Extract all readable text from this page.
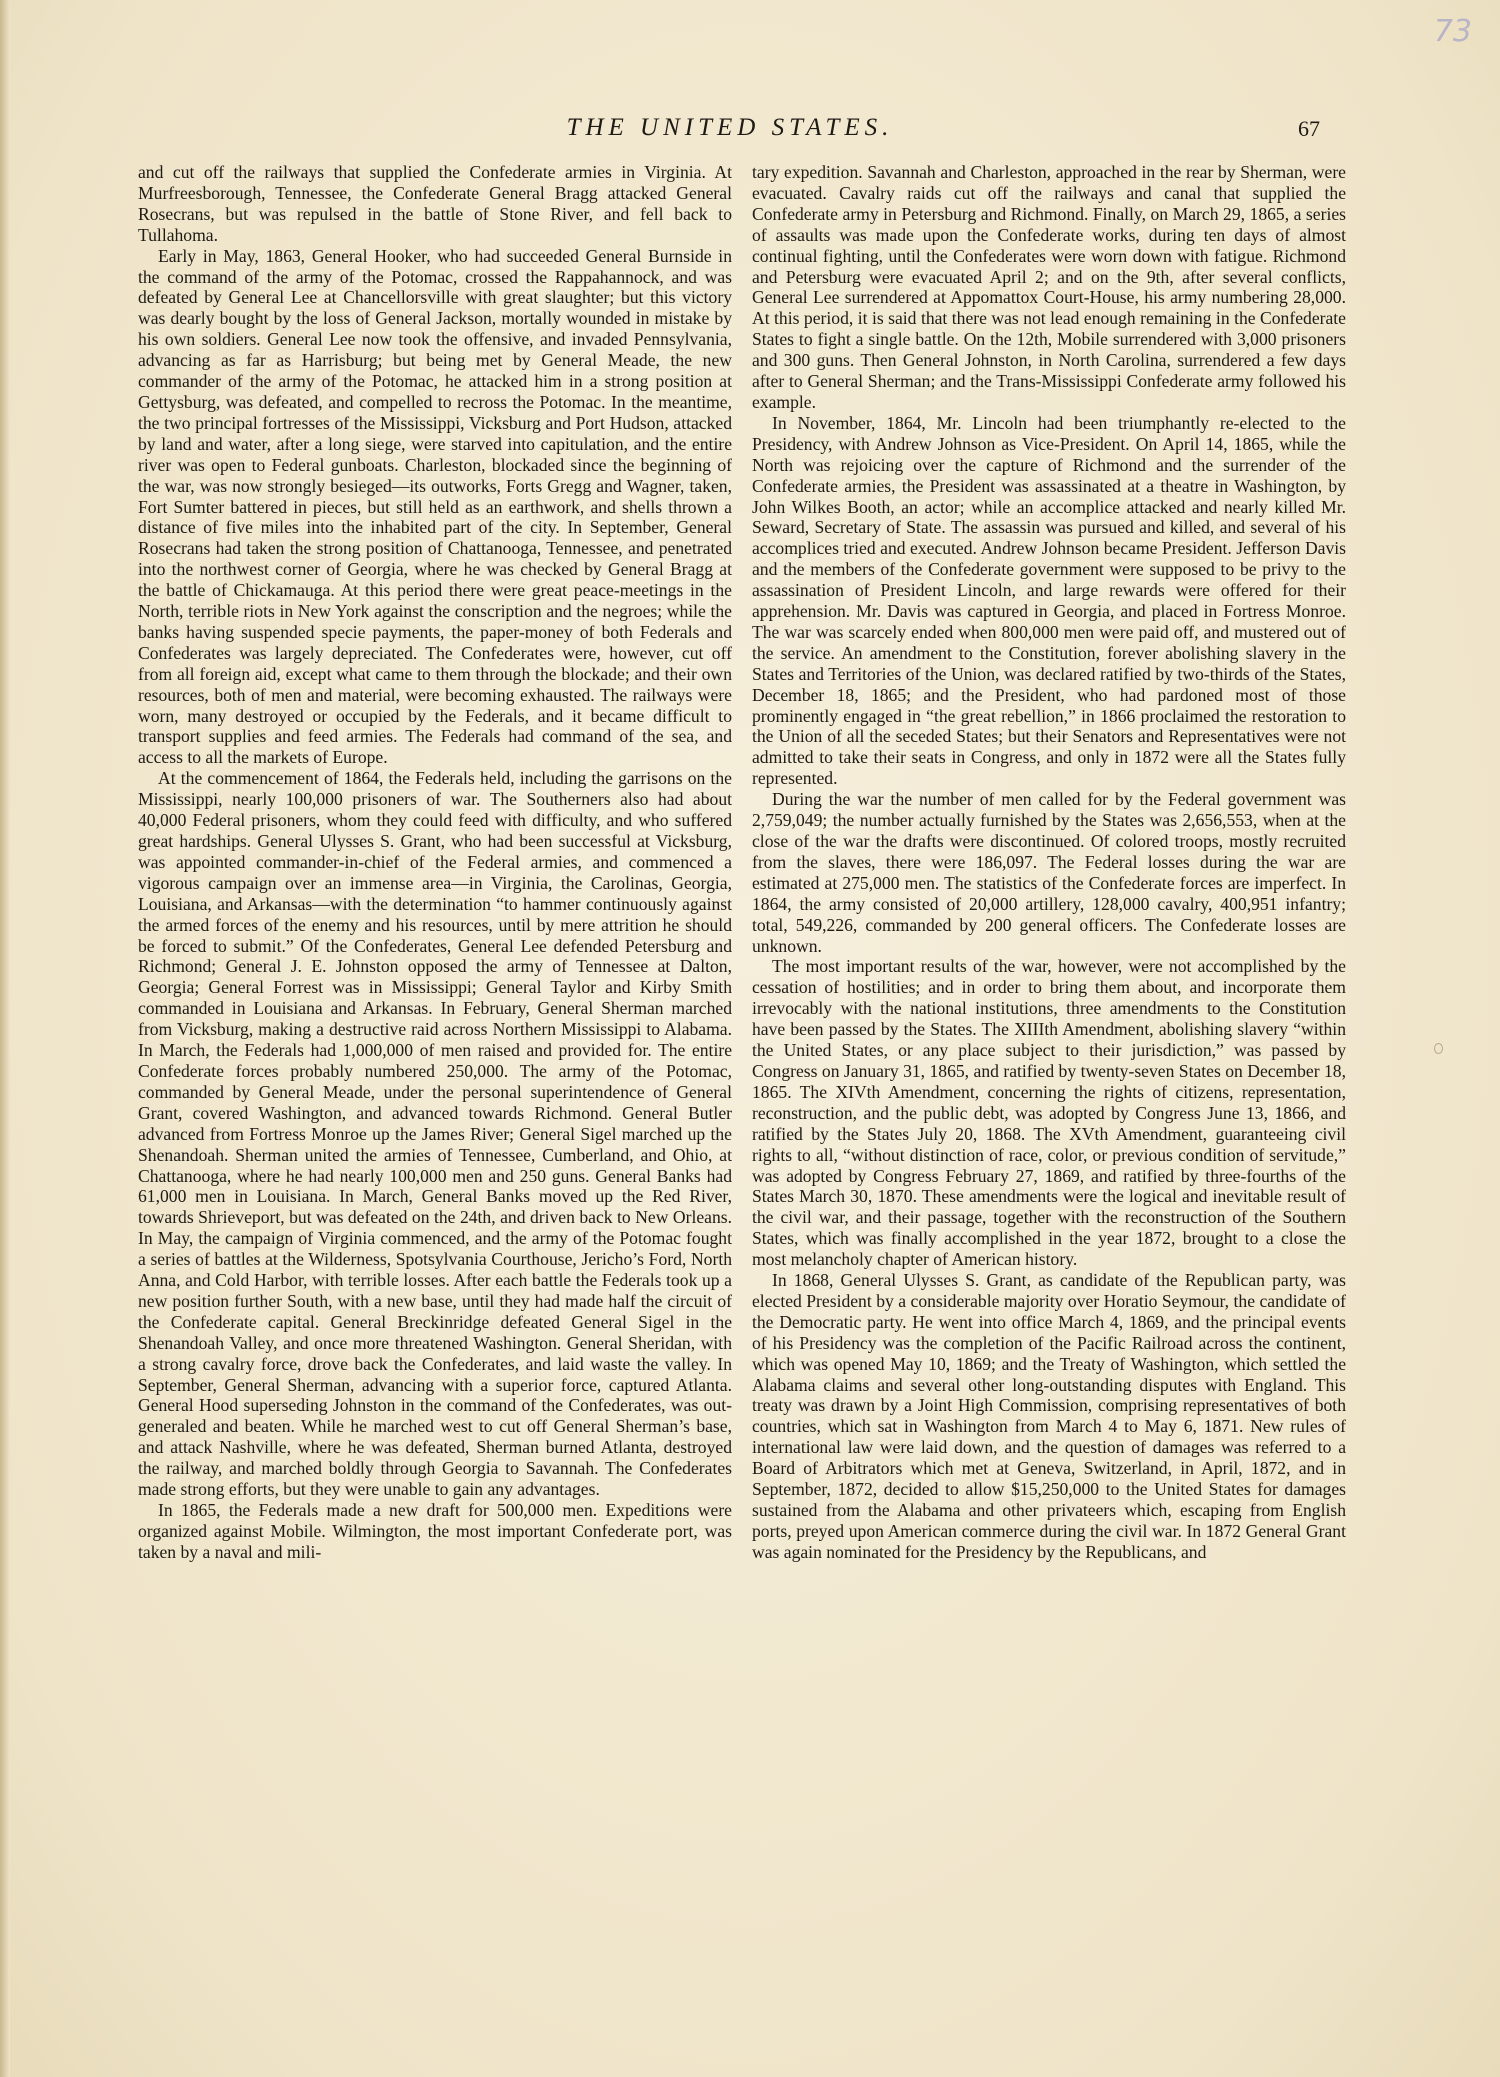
73
THE UNITED STATES.	67

and cut off the railways that supplied the Confederate armies in Virginia. At Murfreesborough, Tennessee, the Confederate General Bragg attacked General Rosecrans, but was repulsed in the battle of Stone River, and fell back to Tullahoma.

Early in May, 1863, General Hooker, who had succeeded General Burnside in the command of the army of the Potomac, crossed the Rappahannock, and was defeated by General Lee at Chancellorsville with great slaughter; but this victory was dearly bought by the loss of General Jackson, mortally wounded in mistake by his own soldiers. General Lee now took the offensive, and invaded Pennsylvania, advancing as far as Harrisburg; but being met by General Meade, the new commander of the army of the Potomac, he attacked him in a strong position at Gettysburg, was defeated, and compelled to recross the Potomac. In the meantime, the two principal fortresses of the Mississippi, Vicksburg and Port Hudson, attacked by land and water, after a long siege, were starved into capitulation, and the entire river was open to Federal gunboats. Charleston, blockaded since the beginning of the war, was now strongly besieged—its outworks, Forts Gregg and Wagner, taken, Fort Sumter battered in pieces, but still held as an earthwork, and shells thrown a distance of five miles into the inhabited part of the city. In September, General Rosecrans had taken the strong position of Chattanooga, Tennessee, and penetrated into the northwest corner of Georgia, where he was checked by General Bragg at the battle of Chickamauga. At this period there were great peace-meetings in the North, terrible riots in New York against the conscription and the negroes; while the banks having suspended specie payments, the paper-money of both Federals and Confederates was largely depreciated. The Confederates were, however, cut off from all foreign aid, except what came to them through the blockade; and their own resources, both of men and material, were becoming exhausted. The railways were worn, many destroyed or occupied by the Federals, and it became difficult to transport supplies and feed armies. The Federals had command of the sea, and access to all the markets of Europe.

At the commencement of 1864, the Federals held, including the garrisons on the Mississippi, nearly 100,000 prisoners of war. The Southerners also had about 40,000 Federal prisoners, whom they could feed with difficulty, and who suffered great hardships. General Ulysses S. Grant, who had been successful at Vicksburg, was appointed commander-in-chief of the Federal armies, and commenced a vigorous campaign over an immense area—in Virginia, the Carolinas, Georgia, Louisiana, and Arkansas—with the determination “to hammer continuously against the armed forces of the enemy and his resources, until by mere attrition he should be forced to submit.” Of the Confederates, General Lee defended Petersburg and Richmond; General J. E. Johnston opposed the army of Tennessee at Dalton, Georgia; General Forrest was in Mississippi; General Taylor and Kirby Smith commanded in Louisiana and Arkansas. In February, General Sherman marched from Vicksburg, making a destructive raid across Northern Mississippi to Alabama. In March, the Federals had 1,000,000 of men raised and provided for. The entire Confederate forces probably numbered 250,000. The army of the Potomac, commanded by General Meade, under the personal superintendence of General Grant, covered Washington, and advanced towards Richmond. General Butler advanced from Fortress Monroe up the James River; General Sigel marched up the Shenandoah. Sherman united the armies of Tennessee, Cumberland, and Ohio, at Chattanooga, where he had nearly 100,000 men and 250 guns. General Banks had 61,000 men in Louisiana. In March, General Banks moved up the Red River, towards Shrieveport, but was defeated on the 24th, and driven back to New Orleans. In May, the campaign of Virginia commenced, and the army of the Potomac fought a series of battles at the Wilderness, Spotsylvania Courthouse, Jericho’s Ford, North Anna, and Cold Harbor, with terrible losses. After each battle the Federals took up a new position further South, with a new base, until they had made half the circuit of the Confederate capital. General Breckinridge defeated General Sigel in the Shenandoah Valley, and once more threatened Washington. General Sheridan, with a strong cavalry force, drove back the Confederates, and laid waste the valley. In September, General Sherman, advancing with a superior force, captured Atlanta. General Hood superseding Johnston in the command of the Confederates, was out-generaled and beaten. While he marched west to cut off General Sherman’s base, and attack Nashville, where he was defeated, Sherman burned Atlanta, destroyed the railway, and marched boldly through Georgia to Savannah. The Confederates made strong efforts, but they were unable to gain any advantages.

In 1865, the Federals made a new draft for 500,000 men. Expeditions were organized against Mobile. Wilmington, the most important Confederate port, was taken by a naval and mili-

tary expedition. Savannah and Charleston, approached in the rear by Sherman, were evacuated. Cavalry raids cut off the railways and canal that supplied the Confederate army in Petersburg and Richmond. Finally, on March 29, 1865, a series of assaults was made upon the Confederate works, during ten days of almost continual fighting, until the Confederates were worn down with fatigue. Richmond and Petersburg were evacuated April 2; and on the 9th, after several conflicts, General Lee surrendered at Appomattox Court-House, his army numbering 28,000. At this period, it is said that there was not lead enough remaining in the Confederate States to fight a single battle. On the 12th, Mobile surrendered with 3,000 prisoners and 300 guns. Then General Johnston, in North Carolina, surrendered a few days after to General Sherman; and the Trans-Mississippi Confederate army followed his example.

In November, 1864, Mr. Lincoln had been triumphantly re-elected to the Presidency, with Andrew Johnson as Vice-President. On April 14, 1865, while the North was rejoicing over the capture of Richmond and the surrender of the Confederate armies, the President was assassinated at a theatre in Washington, by John Wilkes Booth, an actor; while an accomplice attacked and nearly killed Mr. Seward, Secretary of State. The assassin was pursued and killed, and several of his accomplices tried and executed. Andrew Johnson became President. Jefferson Davis and the members of the Confederate government were supposed to be privy to the assassination of President Lincoln, and large rewards were offered for their apprehension. Mr. Davis was captured in Georgia, and placed in Fortress Monroe. The war was scarcely ended when 800,000 men were paid off, and mustered out of the service. An amendment to the Constitution, forever abolishing slavery in the States and Territories of the Union, was declared ratified by two-thirds of the States, December 18, 1865; and the President, who had pardoned most of those prominently engaged in “the great rebellion,” in 1866 proclaimed the restoration to the Union of all the seceded States; but their Senators and Representatives were not admitted to take their seats in Congress, and only in 1872 were all the States fully represented.

During the war the number of men called for by the Federal government was 2,759,049; the number actually furnished by the States was 2,656,553, when at the close of the war the drafts were discontinued. Of colored troops, mostly recruited from the slaves, there were 186,097. The Federal losses during the war are estimated at 275,000 men. The statistics of the Confederate forces are imperfect. In 1864, the army consisted of 20,000 artillery, 128,000 cavalry, 400,951 infantry; total, 549,226, commanded by 200 general officers. The Confederate losses are unknown.

The most important results of the war, however, were not accomplished by the cessation of hostilities; and in order to bring them about, and incorporate them irrevocably with the national institutions, three amendments to the Constitution have been passed by the States. The XIIIth Amendment, abolishing slavery “within the United States, or any place subject to their jurisdiction,” was passed by Congress on January 31, 1865, and ratified by twenty-seven States on December 18, 1865. The XIVth Amendment, concerning the rights of citizens, representation, reconstruction, and the public debt, was adopted by Congress June 13, 1866, and ratified by the States July 20, 1868. The XVth Amendment, guaranteeing civil rights to all, “without distinction of race, color, or previous condition of servitude,” was adopted by Congress February 27, 1869, and ratified by three-fourths of the States March 30, 1870. These amendments were the logical and inevitable result of the civil war, and their passage, together with the reconstruction of the Southern States, which was finally accomplished in the year 1872, brought to a close the most melancholy chapter of American history.

In 1868, General Ulysses S. Grant, as candidate of the Republican party, was elected President by a considerable majority over Horatio Seymour, the candidate of the Democratic party. He went into office March 4, 1869, and the principal events of his Presidency was the completion of the Pacific Railroad across the continent, which was opened May 10, 1869; and the Treaty of Washington, which settled the Alabama claims and several other long-outstanding disputes with England. This treaty was drawn by a Joint High Commission, comprising representatives of both countries, which sat in Washington from March 4 to May 6, 1871. New rules of international law were laid down, and the question of damages was referred to a Board of Arbitrators which met at Geneva, Switzerland, in April, 1872, and in September, 1872, decided to allow $15,250,000 to the United States for damages sustained from the Alabama and other privateers which, escaping from English ports, preyed upon American commerce during the civil war. In 1872 General Grant was again nominated for the Presidency by the Republicans, and
